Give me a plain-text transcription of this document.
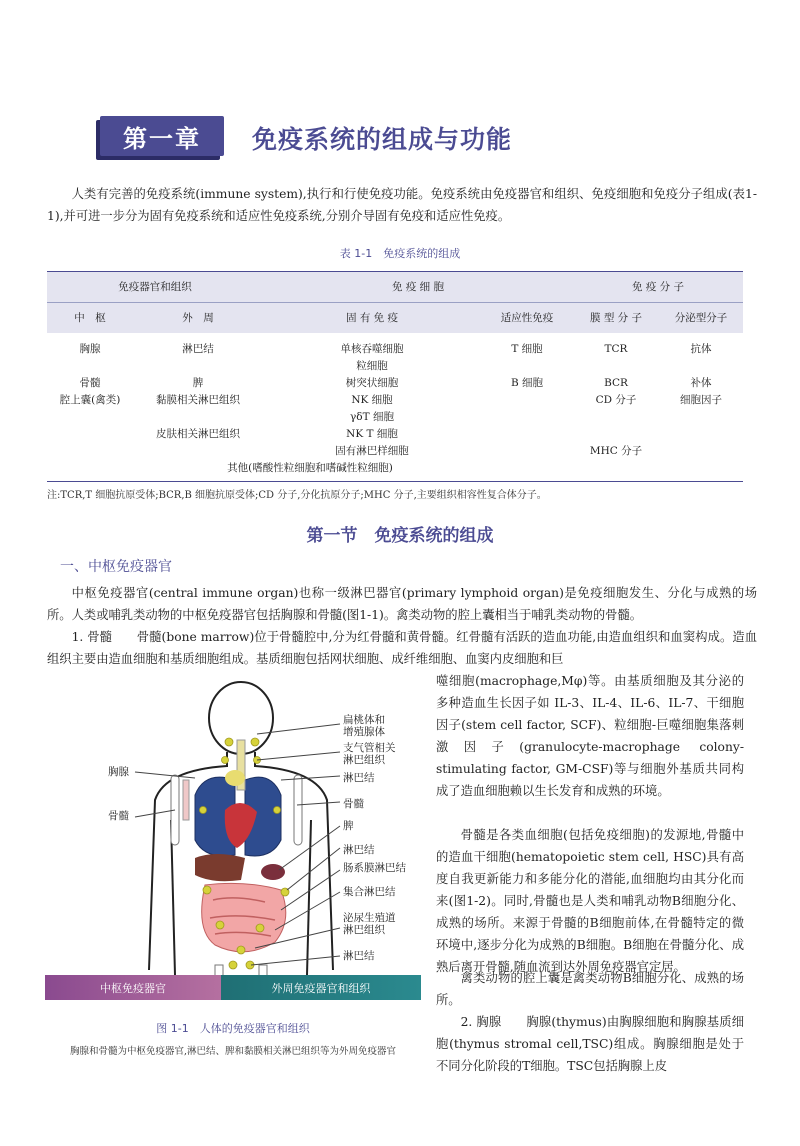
第一章	免疫系统的组成与功能

人类有完善的免疫系统(immune system),执行和行使免疫功能。免疫系统由免疫器官和组织、免疫细胞和免疫分子组成(表1-1),并可进一步分为固有免疫系统和适应性免疫系统,分别介导固有免疫和适应性免疫。

表 1-1　免疫系统的组成
免疫器官和组织		免 疫 细 胞		免 疫 分 子	
中　枢	外　周	固 有 免 疫	适应性免疫	膜 型 分 子	分泌型分子

胸腺	淋巴结	单核吞噬细胞	T 细胞	TCR	抗体
		粒细胞			
骨髓	脾	树突状细胞	B 细胞	BCR	补体
腔上囊(禽类)	黏膜相关淋巴组织	NK 细胞		CD 分子	细胞因子
		γδT 细胞			
	皮肤相关淋巴组织	NK T 细胞			
		固有淋巴样细胞		MHC 分子	
其他(嗜酸性粒细胞和嗜碱性粒细胞)					
注:TCR,T 细胞抗原受体;BCR,B 细胞抗原受体;CD 分子,分化抗原分子;MHC 分子,主要组织相容性复合体分子。
第一节　免疫系统的组成
一、中枢免疫器官

中枢免疫器官(central immune organ)也称一级淋巴器官(primary lymphoid organ)是免疫细胞发生、分化与成熟的场所。人类或哺乳类动物的中枢免疫器官包括胸腺和骨髓(图1-1)。禽类动物的腔上囊相当于哺乳类动物的骨髓。

1. 骨髓　　骨髓(bone marrow)位于骨髓腔中,分为红骨髓和黄骨髓。红骨髓有活跃的造血功能,由造血组织和血窦构成。造血组织主要由造血细胞和基质细胞组成。基质细胞包括网状细胞、成纤维细胞、血窦内皮细胞和巨

噬细胞(macrophage,Mφ)等。由基质细胞及其分泌的多种造血生长因子如 IL-3、IL-4、IL-6、IL-7、干细胞因子(stem cell factor, SCF)、粒细胞-巨噬细胞集落刺激因子(granulocyte-macrophage colony-stimulating factor, GM-CSF)等与细胞外基质共同构成了造血细胞赖以生长发育和成熟的环境。

骨髓是各类血细胞(包括免疫细胞)的发源地,骨髓中的造血干细胞(hematopoietic stem cell, HSC)具有高度自我更新能力和多能分化的潜能,血细胞均由其分化而来(图1-2)。同时,骨髓也是人类和哺乳动物B细胞分化、成熟的场所。来源于骨髓的B细胞前体,在骨髓特定的微环境中,逐步分化为成熟的B细胞。B细胞在骨髓分化、成熟后离开骨髓,随血流到达外周免疫器官定居。

禽类动物的腔上囊是禽类动物B细胞分化、成熟的场所。

2. 胸腺　　胸腺(thymus)由胸腺细胞和胸腺基质细胞(thymus stromal cell,TSC)组成。胸腺细胞是处于不同分化阶段的T细胞。TSC包括胸腺上皮

胸腺
骨髓
扁桃体和
增殖腺体
支气管相关
淋巴组织
淋巴结
骨髓
脾
淋巴结
肠系膜淋巴结
集合淋巴结
泌尿生殖道
淋巴组织
淋巴结
中枢免疫器官	外周免疫器官和组织
图 1-1　人体的免疫器官和组织
胸腺和骨髓为中枢免疫器官,淋巴结、脾和黏膜相关淋巴组织等为外周免疫器官
